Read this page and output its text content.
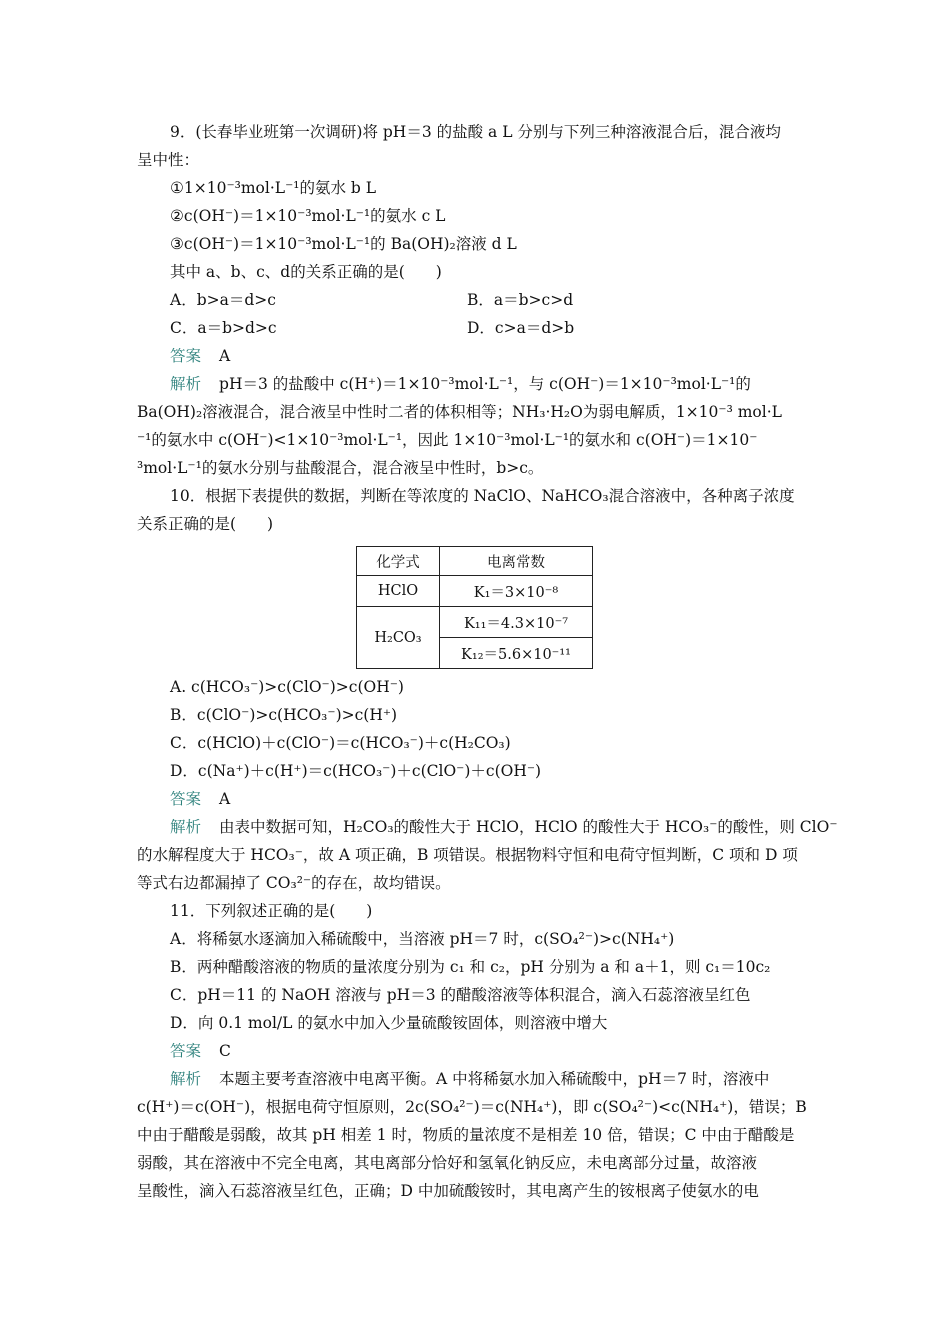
9．(长春毕业班第一次调研)将 pH＝3 的盐酸 a L 分别与下列三种溶液混合后，混合液均
呈中性：
①1×10⁻³mol·L⁻¹的氨水 b L
②c(OH⁻)＝1×10⁻³mol·L⁻¹的氨水 c L
③c(OH⁻)＝1×10⁻³mol·L⁻¹的 Ba(OH)₂溶液 d L
其中 a、b、c、d的关系正确的是(　　)
A．b>a＝d>c	B．a＝b>c>d
C．a＝b>d>c	D．c>a＝d>b
答案 A
解析 pH＝3 的盐酸中 c(H⁺)＝1×10⁻³mol·L⁻¹，与 c(OH⁻)＝1×10⁻³mol·L⁻¹的
Ba(OH)₂溶液混合，混合液呈中性时二者的体积相等；NH₃·H₂O为弱电解质，1×10⁻³ mol·L
⁻¹的氨水中 c(OH⁻)<1×10⁻³mol·L⁻¹，因此 1×10⁻³mol·L⁻¹的氨水和 c(OH⁻)＝1×10⁻
³mol·L⁻¹的氨水分别与盐酸混合，混合液呈中性时，b>c。
10．根据下表提供的数据，判断在等浓度的 NaClO、NaHCO₃混合溶液中，各种离子浓度
关系正确的是(　　)
化学式	电离常数
HClO	K₁＝3×10⁻⁸
H₂CO₃	K₁₁＝4.3×10⁻⁷
	K₁₂＝5.6×10⁻¹¹
A. c(HCO₃⁻)>c(ClO⁻)>c(OH⁻)
B．c(ClO⁻)>c(HCO₃⁻)>c(H⁺)
C．c(HClO)＋c(ClO⁻)＝c(HCO₃⁻)＋c(H₂CO₃)
D．c(Na⁺)＋c(H⁺)＝c(HCO₃⁻)＋c(ClO⁻)＋c(OH⁻)
答案 A
解析 由表中数据可知，H₂CO₃的酸性大于 HClO，HClO 的酸性大于 HCO₃⁻的酸性，则 ClO⁻
的水解程度大于 HCO₃⁻，故 A 项正确，B 项错误。根据物料守恒和电荷守恒判断，C 项和 D 项
等式右边都漏掉了 CO₃²⁻的存在，故均错误。
11．下列叙述正确的是(　　)
A．将稀氨水逐滴加入稀硫酸中，当溶液 pH＝7 时，c(SO₄²⁻)>c(NH₄⁺)
B．两种醋酸溶液的物质的量浓度分别为 c₁ 和 c₂，pH 分别为 a 和 a＋1，则 c₁＝10c₂
C．pH＝11 的 NaOH 溶液与 pH＝3 的醋酸溶液等体积混合，滴入石蕊溶液呈红色
D．向 0.1 mol/L 的氨水中加入少量硫酸铵固体，则溶液中增大
答案 C
解析 本题主要考查溶液中电离平衡。A 中将稀氨水加入稀硫酸中，pH＝7 时，溶液中
c(H⁺)＝c(OH⁻)，根据电荷守恒原则，2c(SO₄²⁻)＝c(NH₄⁺)，即 c(SO₄²⁻)<c(NH₄⁺)，错误；B
中由于醋酸是弱酸，故其 pH 相差 1 时，物质的量浓度不是相差 10 倍，错误；C 中由于醋酸是
弱酸，其在溶液中不完全电离，其电离部分恰好和氢氧化钠反应，未电离部分过量，故溶液
呈酸性，滴入石蕊溶液呈红色，正确；D 中加硫酸铵时，其电离产生的铵根离子使氨水的电
